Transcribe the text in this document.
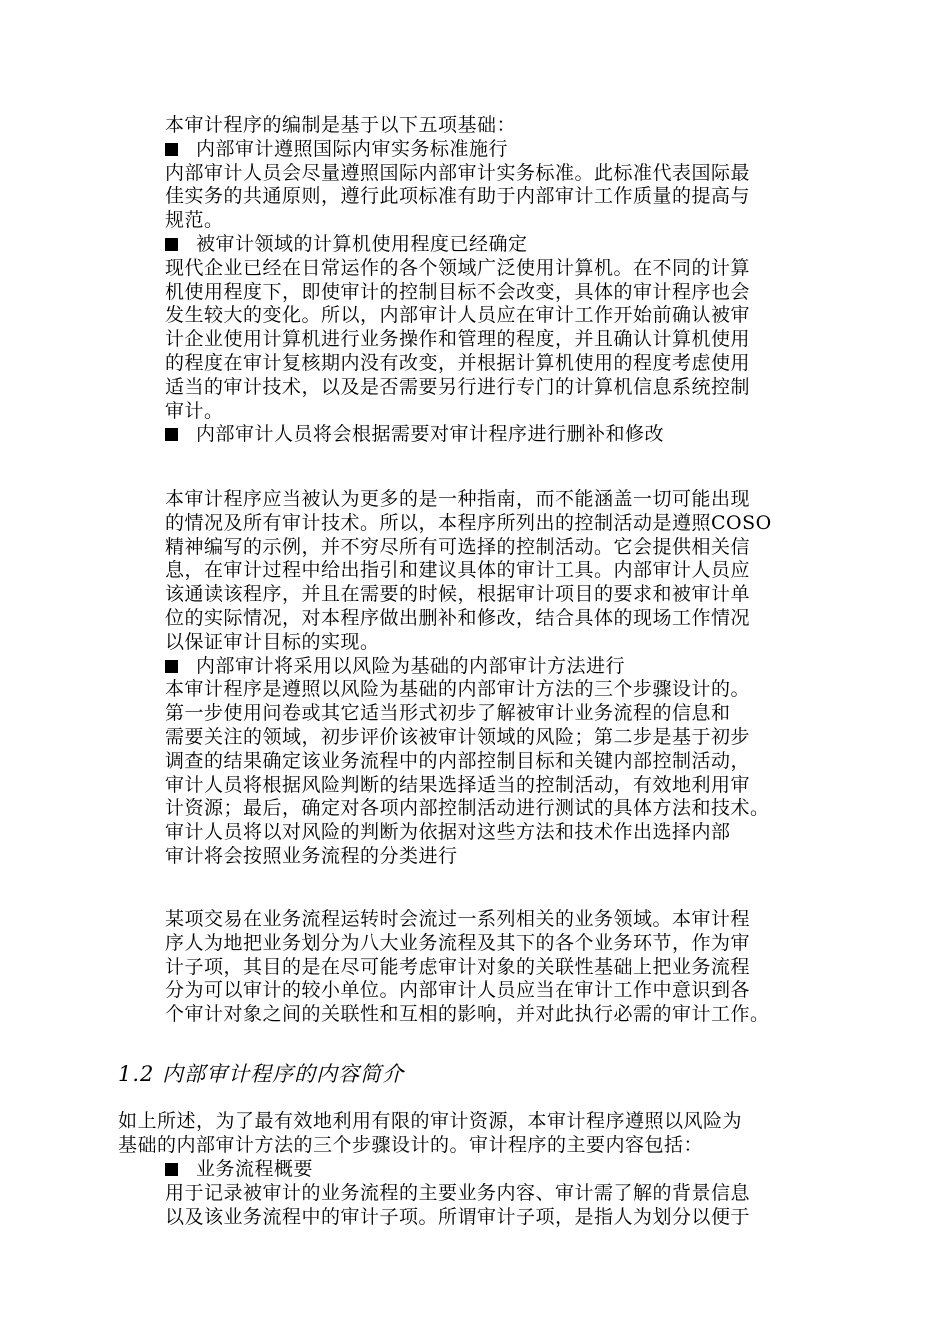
本审计程序的编制是基于以下五项基础：

内部审计遵照国际内审实务标准施行

内部审计人员会尽量遵照国际内部审计实务标准。此标准代表国际最

佳实务的共通原则，遵行此项标准有助于内部审计工作质量的提高与

规范。

被审计领域的计算机使用程度已经确定

现代企业已经在日常运作的各个领域广泛使用计算机。在不同的计算

机使用程度下，即使审计的控制目标不会改变，具体的审计程序也会

发生较大的变化。所以，内部审计人员应在审计工作开始前确认被审

计企业使用计算机进行业务操作和管理的程度，并且确认计算机使用

的程度在审计复核期内没有改变，并根据计算机使用的程度考虑使用

适当的审计技术，以及是否需要另行进行专门的计算机信息系统控制

审计。

内部审计人员将会根据需要对审计程序进行删补和修改

本审计程序应当被认为更多的是一种指南，而不能涵盖一切可能出现

的情况及所有审计技术。所以，本程序所列出的控制活动是遵照COSO

精神编写的示例，并不穷尽所有可选择的控制活动。它会提供相关信

息，在审计过程中给出指引和建议具体的审计工具。内部审计人员应

该通读该程序，并且在需要的时候，根据审计项目的要求和被审计单

位的实际情况，对本程序做出删补和修改，结合具体的现场工作情况

以保证审计目标的实现。

内部审计将采用以风险为基础的内部审计方法进行

本审计程序是遵照以风险为基础的内部审计方法的三个步骤设计的。

第一步使用问卷或其它适当形式初步了解被审计业务流程的信息和

需要关注的领域，初步评价该被审计领域的风险；第二步是基于初步

调查的结果确定该业务流程中的内部控制目标和关键内部控制活动，

审计人员将根据风险判断的结果选择适当的控制活动，有效地利用审

计资源；最后，确定对各项内部控制活动进行测试的具体方法和技术。

审计人员将以对风险的判断为依据对这些方法和技术作出选择内部

审计将会按照业务流程的分类进行

某项交易在业务流程运转时会流过一系列相关的业务领域。本审计程

序人为地把业务划分为八大业务流程及其下的各个业务环节，作为审

计子项，其目的是在尽可能考虑审计对象的关联性基础上把业务流程

分为可以审计的较小单位。内部审计人员应当在审计工作中意识到各

个审计对象之间的关联性和互相的影响，并对此执行必需的审计工作。

1.2 内部审计程序的内容简介

如上所述，为了最有效地利用有限的审计资源，本审计程序遵照以风险为

基础的内部审计方法的三个步骤设计的。审计程序的主要内容包括：

业务流程概要

用于记录被审计的业务流程的主要业务内容、审计需了解的背景信息

以及该业务流程中的审计子项。所谓审计子项，是指人为划分以便于
